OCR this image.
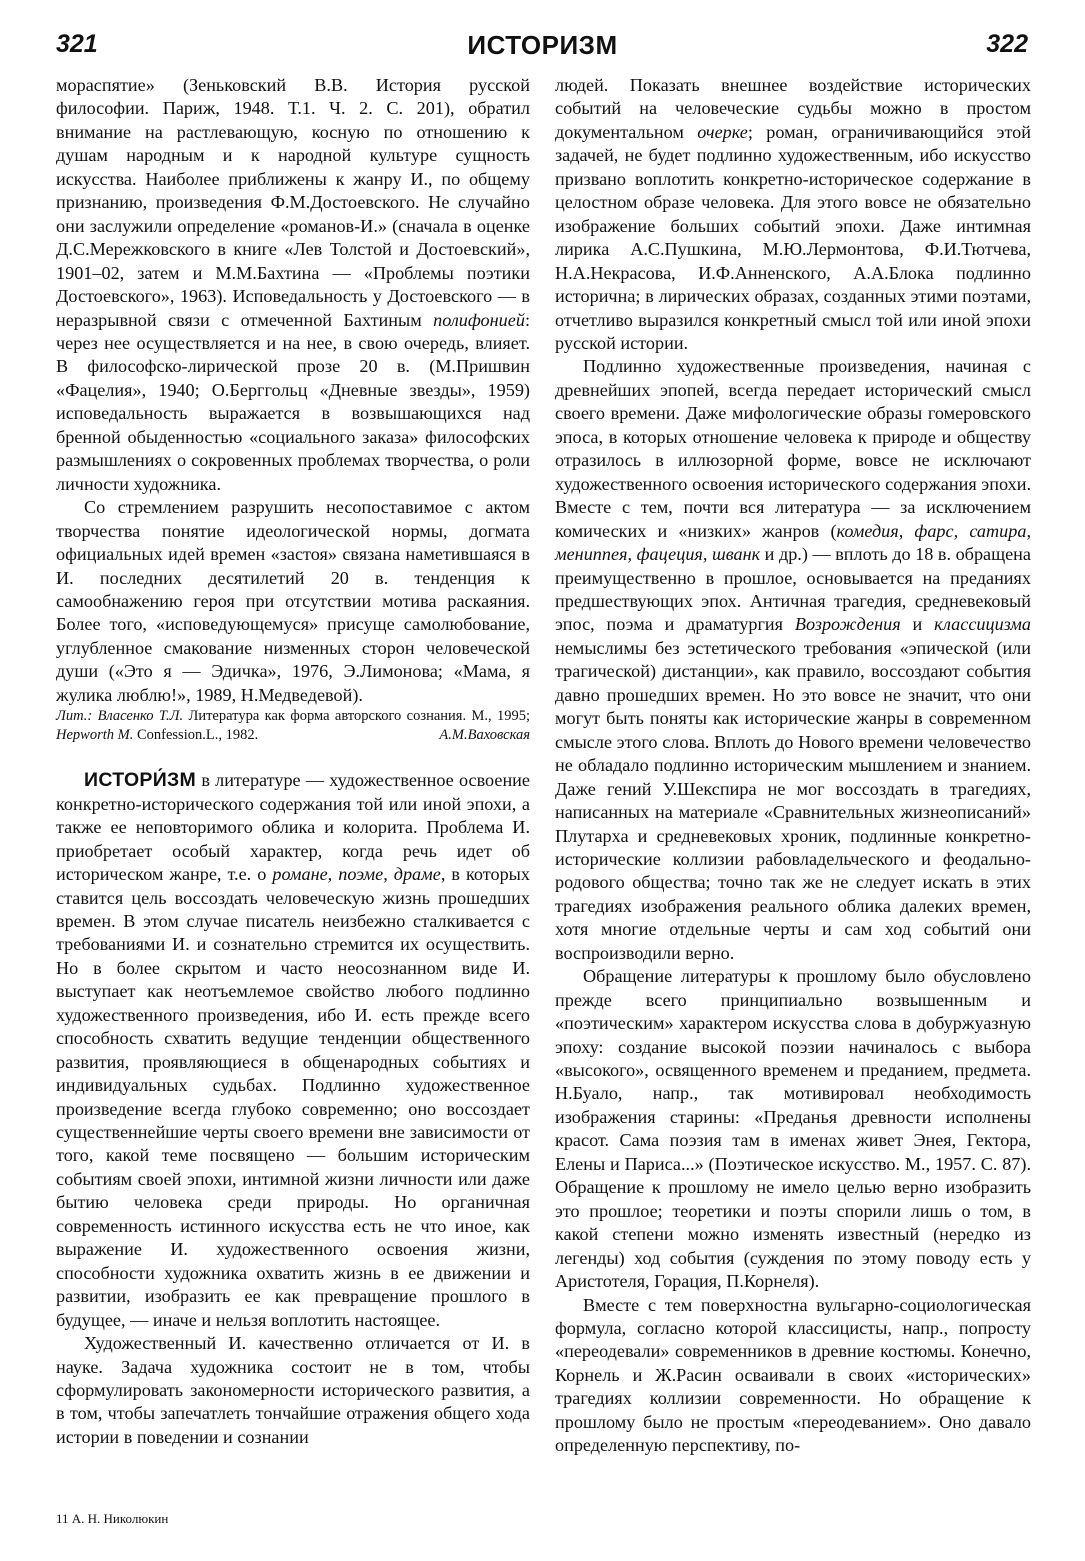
321	ИСТОРИЗМ	322

мораспятие» (Зеньковский В.В. История русской философии. Париж, 1948. Т.1. Ч. 2. С. 201), обратил внимание на растлевающую, косную по отношению к душам народным и к народной культуре сущность искусства. Наиболее приближены к жанру И., по общему признанию, произведения Ф.М.Достоевского. Не случайно они заслужили определение «романов-И.» (сначала в оценке Д.С.Мережковского в книге «Лев Толстой и Достоевский», 1901–02, затем и М.М.Бахтина — «Проблемы поэтики Достоевского», 1963). Исповедальность у Достоевского — в неразрывной связи с отмеченной Бахтиным полифонией: через нее осуществляется и на нее, в свою очередь, влияет. В философско-лирической прозе 20 в. (М.Пришвин «Фацелия», 1940; О.Берггольц «Дневные звезды», 1959) исповедальность выражается в возвышающихся над бренной обыденностью «социального заказа» философских размышлениях о сокровенных проблемах творчества, о роли личности художника.

Со стремлением разрушить несопоставимое с актом творчества понятие идеологической нормы, догмата официальных идей времен «застоя» связана наметившаяся в И. последних десятилетий 20 в. тенденция к самообнажению героя при отсутствии мотива раскаяния. Более того, «исповедующемуся» присуще самолюбование, углубленное смакование низменных сторон человеческой души («Это я — Эдичка», 1976, Э.Лимонова; «Мама, я жулика люблю!», 1989, Н.Медведевой).

Лит.: Власенко Т.Л. Литература как форма авторского сознания. М., 1995; Hepworth M. Confession.L., 1982.	А.М.Ваховская

ИСТОРИ́ЗМ в литературе — художественное освоение конкретно-исторического содержания той или иной эпохи, а также ее неповторимого облика и колорита. Проблема И. приобретает особый характер, когда речь идет об историческом жанре, т.е. о романе, поэме, драме, в которых ставится цель воссоздать человеческую жизнь прошедших времен. В этом случае писатель неизбежно сталкивается с требованиями И. и сознательно стремится их осуществить. Но в более скрытом и часто неосознанном виде И. выступает как неотъемлемое свойство любого подлинно художественного произведения, ибо И. есть прежде всего способность схватить ведущие тенденции общественного развития, проявляющиеся в общенародных событиях и индивидуальных судьбах. Подлинно художественное произведение всегда глубоко современно; оно воссоздает существеннейшие черты своего времени вне зависимости от того, какой теме посвящено — большим историческим событиям своей эпохи, интимной жизни личности или даже бытию человека среди природы. Но органичная современность истинного искусства есть не что иное, как выражение И. художественного освоения жизни, способности художника охватить жизнь в ее движении и развитии, изобразить ее как превращение прошлого в будущее, — иначе и нельзя воплотить настоящее.

Художественный И. качественно отличается от И. в науке. Задача художника состоит не в том, чтобы сформулировать закономерности исторического развития, а в том, чтобы запечатлеть тончайшие отражения общего хода истории в поведении и сознании

людей. Показать внешнее воздействие исторических событий на человеческие судьбы можно в простом документальном очерке; роман, ограничивающийся этой задачей, не будет подлинно художественным, ибо искусство призвано воплотить конкретно-историческое содержание в целостном образе человека. Для этого вовсе не обязательно изображение больших событий эпохи. Даже интимная лирика А.С.Пушкина, М.Ю.Лермонтова, Ф.И.Тютчева, Н.А.Некрасова, И.Ф.Анненского, А.А.Блока подлинно исторична; в лирических образах, созданных этими поэтами, отчетливо выразился конкретный смысл той или иной эпохи русской истории.

Подлинно художественные произведения, начиная с древнейших эпопей, всегда передает исторический смысл своего времени. Даже мифологические образы гомеровского эпоса, в которых отношение человека к природе и обществу отразилось в иллюзорной форме, вовсе не исключают художественного освоения исторического содержания эпохи. Вместе с тем, почти вся литература — за исключением комических и «низких» жанров (комедия, фарс, сатира, мениппея, фацеция, шванк и др.) — вплоть до 18 в. обращена преимущественно в прошлое, основывается на преданиях предшествующих эпох. Античная трагедия, средневековый эпос, поэма и драматургия Возрождения и классицизма немыслимы без эстетического требования «эпической (или трагической) дистанции», как правило, воссоздают события давно прошедших времен. Но это вовсе не значит, что они могут быть поняты как исторические жанры в современном смысле этого слова. Вплоть до Нового времени человечество не обладало подлинно историческим мышлением и знанием. Даже гений У.Шекспира не мог воссоздать в трагедиях, написанных на материале «Сравнительных жизнеописаний» Плутарха и средневековых хроник, подлинные конкретно-исторические коллизии рабовладельческого и феодально-родового общества; точно так же не следует искать в этих трагедиях изображения реального облика далеких времен, хотя многие отдельные черты и сам ход событий они воспроизводили верно.

Обращение литературы к прошлому было обусловлено прежде всего принципиально возвышенным и «поэтическим» характером искусства слова в добуржуазную эпоху: создание высокой поэзии начиналось с выбора «высокого», освященного временем и преданием, предмета. Н.Буало, напр., так мотивировал необходимость изображения старины: «Преданья древности исполнены красот. Сама поэзия там в именах живет Энея, Гектора, Елены и Париса...» (Поэтическое искусство. М., 1957. С. 87). Обращение к прошлому не имело целью верно изобразить это прошлое; теоретики и поэты спорили лишь о том, в какой степени можно изменять известный (нередко из легенды) ход события (суждения по этому поводу есть у Аристотеля, Горация, П.Корнеля).

Вместе с тем поверхностна вульгарно-социологическая формула, согласно которой классицисты, напр., попросту «переодевали» современников в древние костюмы. Конечно, Корнель и Ж.Расин осваивали в своих «исторических» трагедиях коллизии современности. Но обращение к прошлому было не простым «переодеванием». Оно давало определенную перспективу, по-

11 А. Н. Николюкин
